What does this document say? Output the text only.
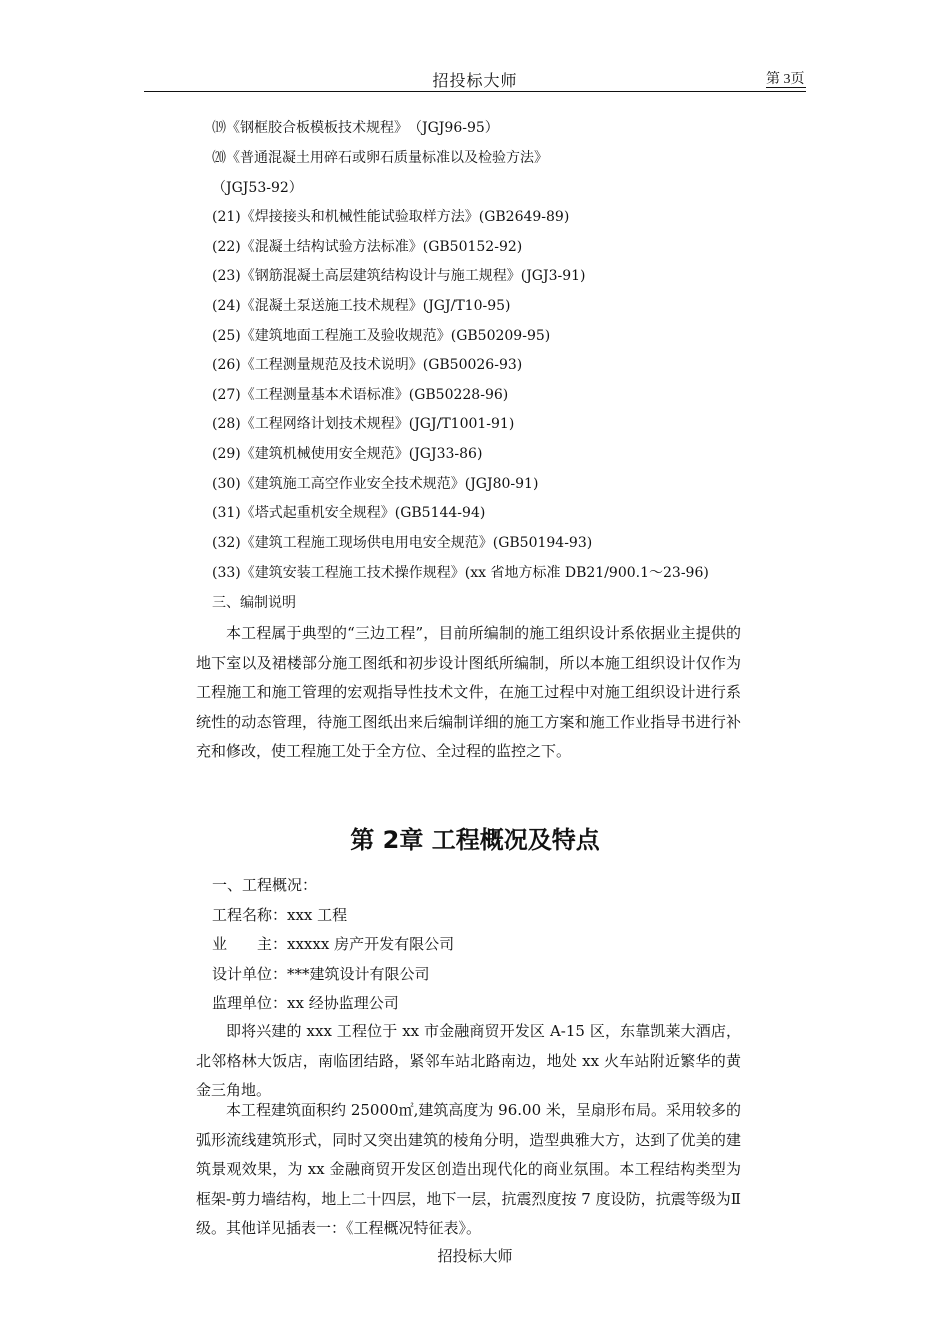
招投标大师	第 3页
⒆《钢框胶合板模板技术规程》　（JGJ96-95）
⒇《普通混凝土用碎石或卵石质量标准以及检验方法》
（JGJ53-92）
(21)《焊接接头和机械性能试验取样方法》(GB2649-89)
(22)《混凝土结构试验方法标准》(GB50152-92)
(23)《钢筋混凝土高层建筑结构设计与施工规程》(JGJ3-91)
(24)《混凝土泵送施工技术规程》(JGJ/T10-95)
(25)《建筑地面工程施工及验收规范》(GB50209-95)
(26)《工程测量规范及技术说明》(GB50026-93)
(27)《工程测量基本术语标准》(GB50228-96)
(28)《工程网络计划技术规程》(JGJ/T1001-91)
(29)《建筑机械使用安全规范》(JGJ33-86)
(30)《建筑施工高空作业安全技术规范》(JGJ80-91)
(31)《塔式起重机安全规程》(GB5144-94)
(32)《建筑工程施工现场供电用电安全规范》(GB50194-93)
(33)《建筑安装工程施工技术操作规程》(xx 省地方标准 DB21/900.1～23-96)
三、编制说明
本工程属于典型的“三边工程”，目前所编制的施工组织设计系依据业主提供的地下室以及裙楼部分施工图纸和初步设计图纸所编制，所以本施工组织设计仅作为工程施工和施工管理的宏观指导性技术文件，在施工过程中对施工组织设计进行系统性的动态管理，待施工图纸出来后编制详细的施工方案和施工作业指导书进行补充和修改，使工程施工处于全方位、全过程的监控之下。
第 2章 工程概况及特点
一、工程概况：
工程名称：xxx 工程
业　　主：xxxxx 房产开发有限公司
设计单位：***建筑设计有限公司
监理单位：xx 经协监理公司
即将兴建的 xxx 工程位于 xx 市金融商贸开发区 A-15 区，东靠凯莱大酒店，北邻格林大饭店，南临团结路，紧邻车站北路南边，地处 xx 火车站附近繁华的黄金三角地。
本工程建筑面积约 25000㎡,建筑高度为 96.00 米，呈扇形布局。采用较多的弧形流线建筑形式，同时又突出建筑的棱角分明，造型典雅大方，达到了优美的建筑景观效果，为 xx 金融商贸开发区创造出现代化的商业氛围。本工程结构类型为框架-剪力墙结构，地上二十四层，地下一层，抗震烈度按 7 度设防，抗震等级为Ⅱ级。其他详见插表一：《工程概况特征表》。
招投标大师
